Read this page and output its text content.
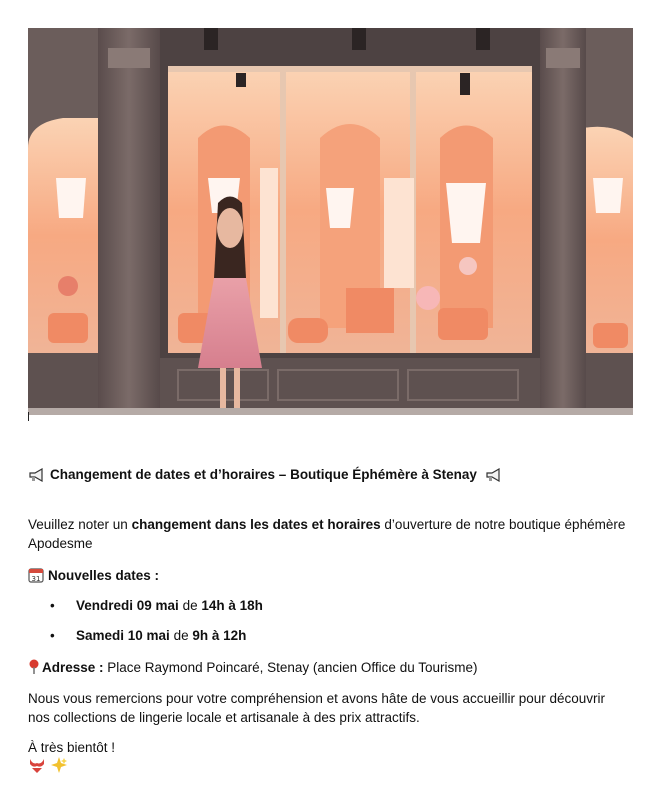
Changement de dates et d’horaires – Boutique Éphémère à Stenay
Veuillez noter un changement dans les dates et horaires d’ouverture de notre boutique éphémère Apodesme
31 Nouvelles dates :
• Vendredi 09 mai de 14h à 18h
• Samedi 10 mai de 9h à 12h
Adresse : Place Raymond Poincaré, Stenay (ancien Office du Tourisme)
Nous vous remercions pour votre compréhension et avons hâte de vous accueillir pour découvrir nos collections de lingerie locale et artisanale à des prix attractifs.
À très bientôt !
